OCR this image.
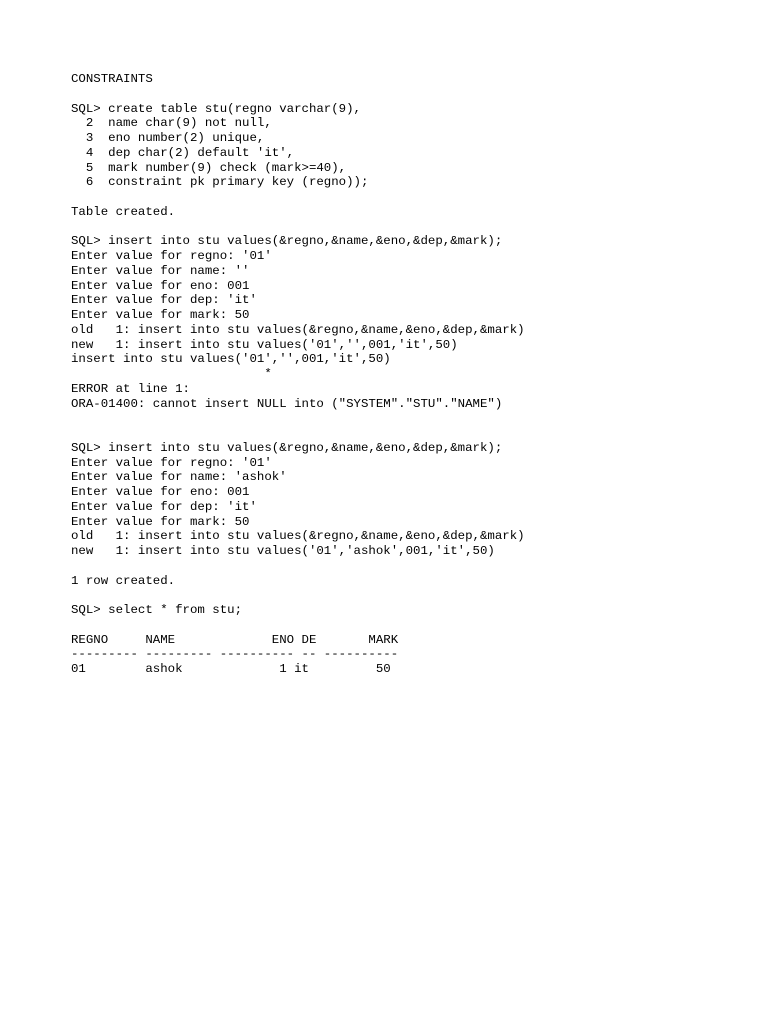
CONSTRAINTS
SQL> create table stu(regno varchar(9),
2  name char(9) not null,
3  eno number(2) unique,
4  dep char(2) default 'it',
5  mark number(9) check (mark>=40),
6  constraint pk primary key (regno));
Table created.
SQL> insert into stu values(&regno,&name,&eno,&dep,&mark);
Enter value for regno: '01'
Enter value for name: ''
Enter value for eno: 001
Enter value for dep: 'it'
Enter value for mark: 50
old   1: insert into stu values(&regno,&name,&eno,&dep,&mark)
new   1: insert into stu values('01','',001,'it',50)
insert into stu values('01','',001,'it',50)
*
ERROR at line 1:
ORA-01400: cannot insert NULL into ("SYSTEM"."STU"."NAME")
SQL> insert into stu values(&regno,&name,&eno,&dep,&mark);
Enter value for regno: '01'
Enter value for name: 'ashok'
Enter value for eno: 001
Enter value for dep: 'it'
Enter value for mark: 50
old   1: insert into stu values(&regno,&name,&eno,&dep,&mark)
new   1: insert into stu values('01','ashok',001,'it',50)
1 row created.
SQL> select * from stu;
REGNO     NAME             ENO DE       MARK
--------- --------- ---------- -- ----------
01        ashok             1 it         50
